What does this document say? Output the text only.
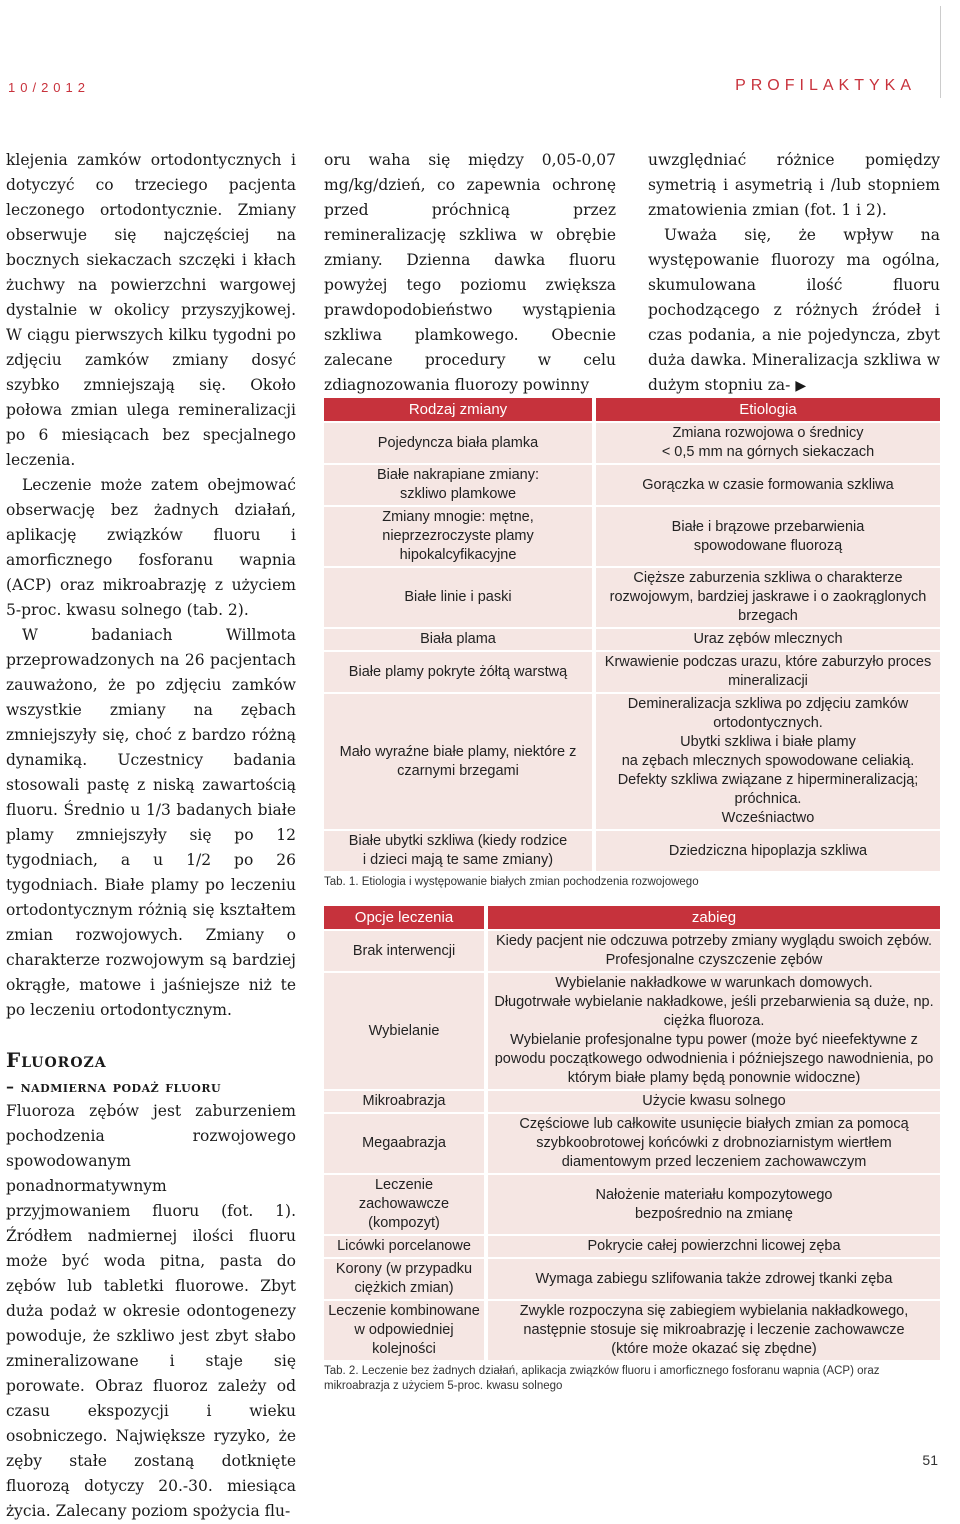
10/2012	PROFILAKTYKA

klejenia zamków ortodontycznych i dotyczyć co trzeciego pacjenta leczonego ortodontycznie. Zmiany obserwuje się najczęściej na bocznych siekaczach szczęki i kłach żuchwy na powierzchni wargowej dystalnie w okolicy przyszyjkowej. W ciągu pierwszych kilku tygodni po zdjęciu zamków zmiany dosyć szybko zmniejszają się. Około połowa zmian ulega remineralizacji po 6 miesiącach bez specjalnego leczenia.

Leczenie może zatem obejmować obserwację bez żadnych działań, aplikację związków fluoru i amorficznego fosforanu wapnia (ACP) oraz mikroabrazję z użyciem 5-proc. kwasu solnego (tab. 2).

W badaniach Willmota przeprowadzonych na 26 pacjentach zauważono, że po zdjęciu zamków wszystkie zmiany na zębach zmniejszyły się, choć z bardzo różną dynamiką. Uczestnicy badania stosowali pastę z niską zawartością fluoru. Średnio u 1/3 badanych białe plamy zmniejszyły się po 12 tygodniach, a u 1/2 po 26 tygodniach. Białe plamy po leczeniu ortodontycznym różnią się kształtem zmian rozwojowych. Zmiany o charakterze rozwojowym są bardziej okrągłe, matowe i jaśniejsze niż te po leczeniu ortodontycznym.

Fluoroza
– nadmierna podaż fluoru

Fluoroza zębów jest zaburzeniem pochodzenia rozwojowego spowodowanym ponadnormatywnym przyjmowaniem fluoru (fot. 1). Źródłem nadmiernej ilości fluoru może być woda pitna, pasta do zębów lub tabletki fluorowe. Zbyt duża podaż w okresie odontogenezy powoduje, że szkliwo jest zbyt słabo zmineralizowane i staje się porowate. Obraz fluoroz zależy od czasu ekspozycji i wieku osobniczego. Największe ryzyko, że zęby stałe zostaną dotknięte fluorozą dotyczy 20.-30. miesiąca życia. Zalecany poziom spożycia flu-

oru waha się między 0,05-0,07 mg/kg/dzień, co zapewnia ochronę przed próchnicą przez remineralizację szkliwa w obrębie zmiany. Dzienna dawka fluoru powyżej tego poziomu zwiększa prawdopodobieństwo wystąpienia szkliwa plamkowego. Obecnie zalecane procedury w celu zdiagnozowania fluorozy powinny

uwzględniać różnice pomiędzy symetrią i asymetrią i /lub stopniem zmatowienia zmian (fot. 1 i 2).

Uważa się, że wpływ na występowanie fluorozy ma ogólna, skumulowana ilość fluoru pochodzącego z różnych źródeł i czas podania, a nie pojedyncza, zbyt duża dawka. Mineralizacja szkliwa w dużym stopniu za- ▶

Rodzaj zmiany		Etiologia
Pojedyncza biała plamka		Zmiana rozwojowa o średnicy
< 0,5 mm na górnych siekaczach
Białe nakrapiane zmiany:
szkliwo plamkowe		Gorączka w czasie formowania szkliwa
Zmiany mnogie: mętne, nieprzezroczyste plamy hipokalcyfikacyjne		Białe i brązowe przebarwienia
spowodowane fluorozą
Białe linie i paski		Cięższe zaburzenia szkliwa o charakterze rozwojowym, bardziej jaskrawe i o zaokrąglonych brzegach
Biała plama		Uraz zębów mlecznych
Białe plamy pokryte żółtą warstwą		Krwawienie podczas urazu, które zaburzyło proces mineralizacji
Mało wyraźne białe plamy, niektóre z czarnymi brzegami		Demineralizacja szkliwa po zdjęciu zamków ortodontycznych.
Ubytki szkliwa i białe plamy
na zębach mlecznych spowodowane celiakią.
Defekty szkliwa związane z hipermineralizacją; próchnica.
Wcześniactwo
Białe ubytki szkliwa (kiedy rodzice
i dzieci mają te same zmiany)		Dziedziczna hipoplazja szkliwa
Tab. 1. Etiologia i występowanie białych zmian pochodzenia rozwojowego
Opcje leczenia		zabieg
Brak interwencji		Kiedy pacjent nie odczuwa potrzeby zmiany wyglądu swoich zębów.
Profesjonalne czyszczenie zębów
Wybielanie		Wybielanie nakładkowe w warunkach domowych.
Długotrwałe wybielanie nakładkowe, jeśli przebarwienia są duże, np. ciężka fluoroza.
Wybielanie profesjonalne typu power (może być nieefektywne z powodu początkowego odwodnienia i późniejszego nawodnienia, po którym białe plamy będą ponownie widoczne)
Mikroabrazja		Użycie kwasu solnego
Megaabrazja		Częściowe lub całkowite usunięcie białych zmian za pomocą szybkoobrotowej końcówki z drobnoziarnistym wiertłem diamentowym przed leczeniem zachowawczym
Leczenie zachowawcze (kompozyt)		Nałożenie materiału kompozytowego
bezpośrednio na zmianę
Licówki porcelanowe		Pokrycie całej powierzchni licowej zęba
Korony (w przypadku ciężkich zmian)		Wymaga zabiegu szlifowania także zdrowej tkanki zęba
Leczenie kombinowane w odpowiedniej kolejności		Zwykle rozpoczyna się zabiegiem wybielania nakładkowego, następnie stosuje się mikroabrazję i leczenie zachowawcze
(które może okazać się zbędne)
Tab. 2. Leczenie bez żadnych działań, aplikacja związków fluoru i amorficznego fosforanu wapnia (ACP) oraz mikroabrazja z użyciem 5-proc. kwasu solnego
51
